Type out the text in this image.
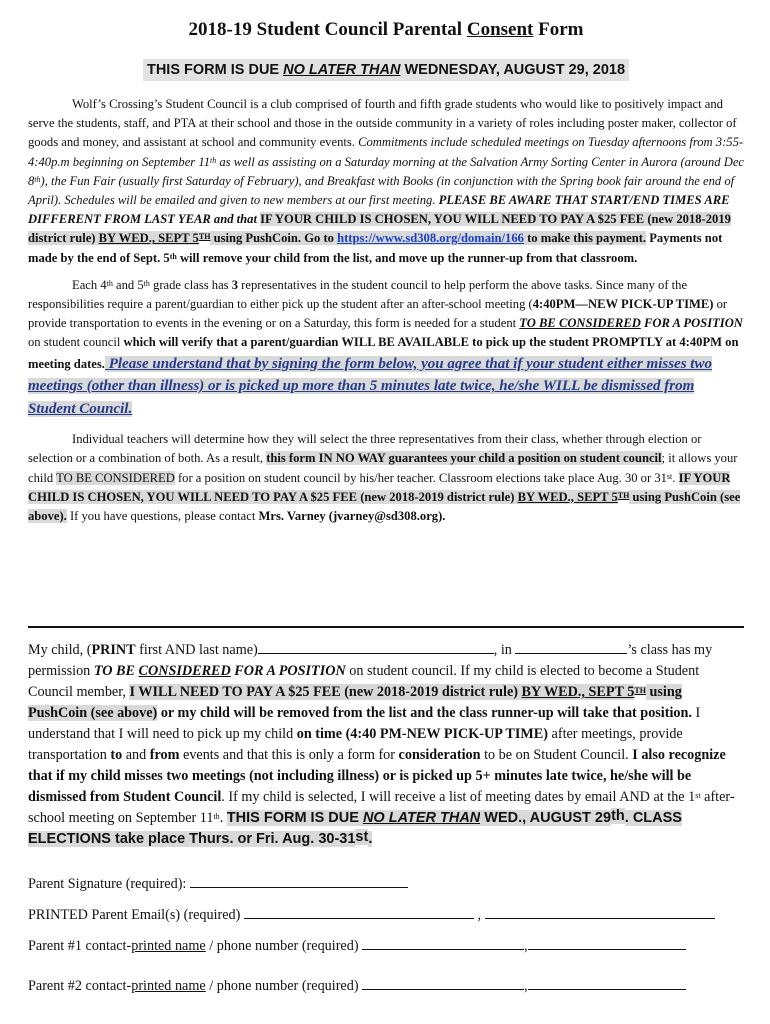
2018-19 Student Council Parental Consent Form
THIS FORM IS DUE NO LATER THAN WEDNESDAY, AUGUST 29, 2018

Wolf’s Crossing’s Student Council is a club comprised of fourth and fifth grade students who would like to positively impact and serve the students, staff, and PTA at their school and those in the outside community in a variety of roles including poster maker, collector of goods and money, and assistant at school and community events. Commitments include scheduled meetings on Tuesday afternoons from 3:55-4:40p.m beginning on September 11th as well as assisting on a Saturday morning at the Salvation Army Sorting Center in Aurora (around Dec 8th), the Fun Fair (usually first Saturday of February), and Breakfast with Books (in conjunction with the Spring book fair around the end of April). Schedules will be emailed and given to new members at our first meeting. PLEASE BE AWARE THAT START/END TIMES ARE DIFFERENT FROM LAST YEAR and that IF YOUR CHILD IS CHOSEN, YOU WILL NEED TO PAY A $25 FEE (new 2018-2019 district rule) BY WED., SEPT 5TH using PushCoin. Go to https://www.sd308.org/domain/166 to make this payment. Payments not made by the end of Sept. 5th will remove your child from the list, and move up the runner-up from that classroom.

Each 4th and 5th grade class has 3 representatives in the student council to help perform the above tasks. Since many of the responsibilities require a parent/guardian to either pick up the student after an after-school meeting (4:40PM—NEW PICK-UP TIME) or provide transportation to events in the evening or on a Saturday, this form is needed for a student TO BE CONSIDERED FOR A POSITION on student council which will verify that a parent/guardian WILL BE AVAILABLE to pick up the student PROMPTLY at 4:40PM on meeting dates. Please understand that by signing the form below, you agree that if your student either misses two meetings (other than illness) or is picked up more than 5 minutes late twice, he/she WILL be dismissed from Student Council.

Individual teachers will determine how they will select the three representatives from their class, whether through election or selection or a combination of both. As a result, this form IN NO WAY guarantees your child a position on student council; it allows your child TO BE CONSIDERED for a position on student council by his/her teacher. Classroom elections take place Aug. 30 or 31st. IF YOUR CHILD IS CHOSEN, YOU WILL NEED TO PAY A $25 FEE (new 2018-2019 district rule) BY WED., SEPT 5TH using PushCoin (see above). If you have questions, please contact Mrs. Varney (jvarney@sd308.org).

My child, (PRINT first AND last name)	, in	’s class has my permission TO BE CONSIDERED FOR A POSITION on student council. If my child is elected to become a Student Council member, I WILL NEED TO PAY A $25 FEE (new 2018-2019 district rule) BY WED., SEPT 5TH using PushCoin (see above) or my child will be removed from the list and the class runner-up will take that position. I understand that I will need to pick up my child on time (4:40 PM-NEW PICK-UP TIME) after meetings, provide transportation to and from events and that this is only a form for consideration to be on Student Council. I also recognize that if my child misses two meetings (not including illness) or is picked up 5+ minutes late twice, he/she will be dismissed from Student Council. If my child is selected, I will receive a list of meeting dates by email AND at the 1st after-school meeting on September 11th. THIS FORM IS DUE NO LATER THAN WED., AUGUST 29th. CLASS ELECTIONS take place Thurs. or Fri. Aug. 30-31st.
Parent Signature (required):
PRINTED Parent Email(s) (required)	,
Parent #1 contact-printed name / phone number (required)	,
Parent #2 contact-printed name / phone number (required)	,
